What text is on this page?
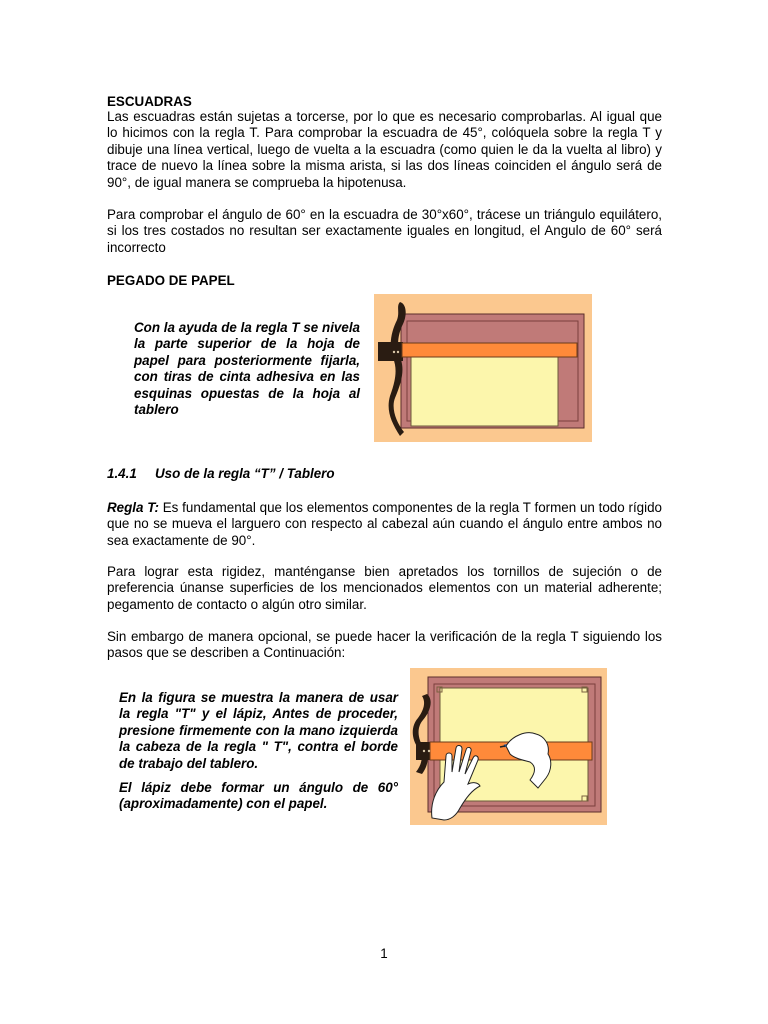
ESCUADRAS
Las escuadras están sujetas a torcerse, por lo que es necesario comprobarlas. Al igual que lo hicimos con la regla T. Para comprobar la escuadra de 45°, colóquela sobre la regla T y dibuje una línea vertical, luego de vuelta a la escuadra (como quien le da la vuelta al libro) y trace de nuevo la línea sobre la misma arista, si las dos líneas coinciden el ángulo será de 90°, de igual manera se comprueba la hipotenusa.
Para comprobar el ángulo de 60° en la escuadra de 30°x60°, trácese un triángulo equilátero, si los tres costados no resultan ser exactamente iguales en longitud, el Angulo de 60° será incorrecto
PEGADO DE PAPEL
Con la ayuda de la regla T se nivela la parte superior de la hoja de papel para posteriormente fijarla, con tiras de cinta adhesiva en las esquinas opuestas de la hoja al tablero
1.4.1 Uso de la regla “T” / Tablero
Regla T: Es fundamental que los elementos componentes de la regla T formen un todo rígido que no se mueva el larguero con respecto al cabezal aún cuando el ángulo entre ambos no sea exactamente de 90°.
Para lograr esta rigidez, manténganse bien apretados los tornillos de sujeción o de preferencia únanse superficies de los mencionados elementos con un material adherente; pegamento de contacto o algún otro similar.
Sin embargo de manera opcional, se puede hacer la verificación de la regla T siguiendo los pasos que se describen a Continuación:
En la figura se muestra la manera de usar la regla "T" y el lápiz, Antes de proceder, presione firmemente con la mano izquierda la cabeza de la regla " T", contra el borde de trabajo del tablero.
El lápiz debe formar un ángulo de 60° (aproximadamente) con el papel.
1
